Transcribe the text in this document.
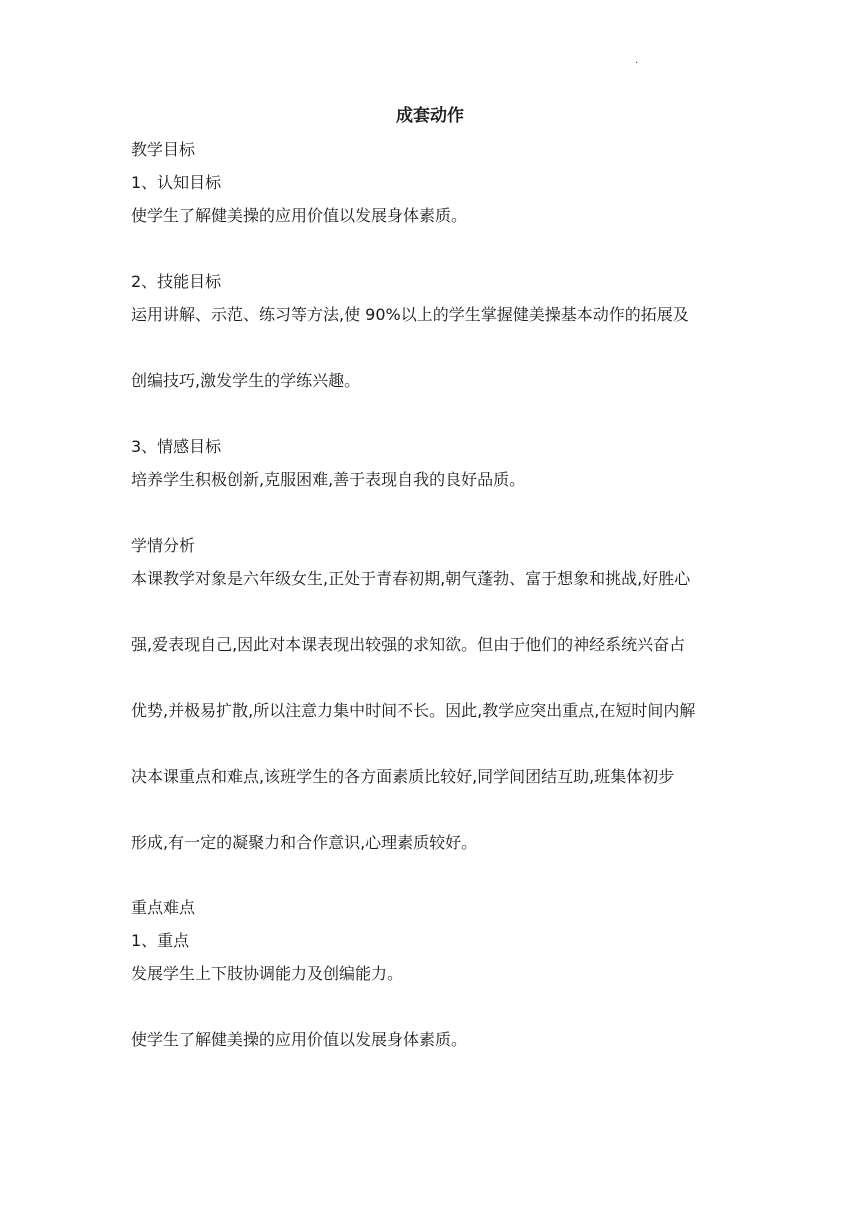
.
成套动作
教学目标
1、认知目标
使学生了解健美操的应用价值以发展身体素质。
2、技能目标
运用讲解、示范、练习等方法,使 90%以上的学生掌握健美操基本动作的拓展及
创编技巧,激发学生的学练兴趣。
3、情感目标
培养学生积极创新,克服困难,善于表现自我的良好品质。
学情分析
本课教学对象是六年级女生,正处于青春初期,朝气蓬勃、富于想象和挑战,好胜心
强,爱表现自己,因此对本课表现出较强的求知欲。但由于他们的神经系统兴奋占
优势,并极易扩散,所以注意力集中时间不长。因此,教学应突出重点,在短时间内解
决本课重点和难点,该班学生的各方面素质比较好,同学间团结互助,班集体初步
形成,有一定的凝聚力和合作意识,心理素质较好。
重点难点
1、重点
发展学生上下肢协调能力及创编能力。
使学生了解健美操的应用价值以发展身体素质。
